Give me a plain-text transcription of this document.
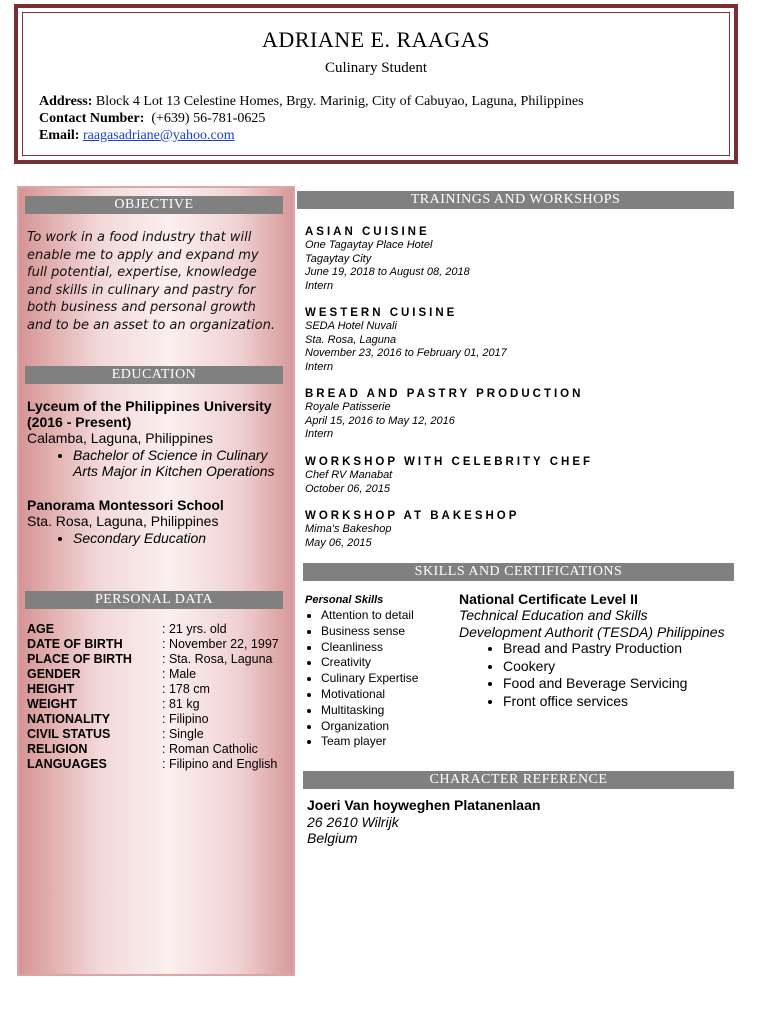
ADRIANE E. RAAGAS
Culinary Student
Address: Block 4 Lot 13 Celestine Homes, Brgy. Marinig, City of Cabuyao, Laguna, Philippines
Contact Number: (+639) 56-781-0625
Email: raagasadriane@yahoo.com
OBJECTIVE
To work in a food industry that will enable me to apply and expand my full potential, expertise, knowledge and skills in culinary and pastry for both business and personal growth and to be an asset to an organization.
EDUCATION
Lyceum of the Philippines University (2016 - Present)
Calamba, Laguna, Philippines
• Bachelor of Science in Culinary Arts Major in Kitchen Operations
Panorama Montessori School
Sta. Rosa, Laguna, Philippines
• Secondary Education
PERSONAL DATA
AGE	: 21 yrs. old
DATE OF BIRTH	: November 22, 1997
PLACE OF BIRTH	: Sta. Rosa, Laguna
GENDER	: Male
HEIGHT	: 178 cm
WEIGHT	: 81 kg
NATIONALITY	: Filipino
CIVIL STATUS	: Single
RELIGION	: Roman Catholic
LANGUAGES	: Filipino and English
TRAININGS AND WORKSHOPS
ASIAN CUISINE
One Tagaytay Place Hotel
Tagaytay City
June 19, 2018 to August 08, 2018
Intern
WESTERN CUISINE
SEDA Hotel Nuvali
Sta. Rosa, Laguna
November 23, 2016 to February 01, 2017
Intern
BREAD AND PASTRY PRODUCTION
Royale Patisserie
April 15, 2016 to May 12, 2016
Intern
WORKSHOP WITH CELEBRITY CHEF
Chef RV Manabat
October 06, 2015
WORKSHOP AT BAKESHOP
Mima's Bakeshop
May 06, 2015
SKILLS AND CERTIFICATIONS
Personal Skills
• Attention to detail
• Business sense
• Cleanliness
• Creativity
• Culinary Expertise
• Motivational
• Multitasking
• Organization
• Team player
National Certificate Level II
Technical Education and Skills Development Authorit (TESDA) Philippines
• Bread and Pastry Production
• Cookery
• Food and Beverage Servicing
• Front office services
CHARACTER REFERENCE
Joeri Van hoyweghen Platanenlaan
26 2610 Wilrijk
Belgium
